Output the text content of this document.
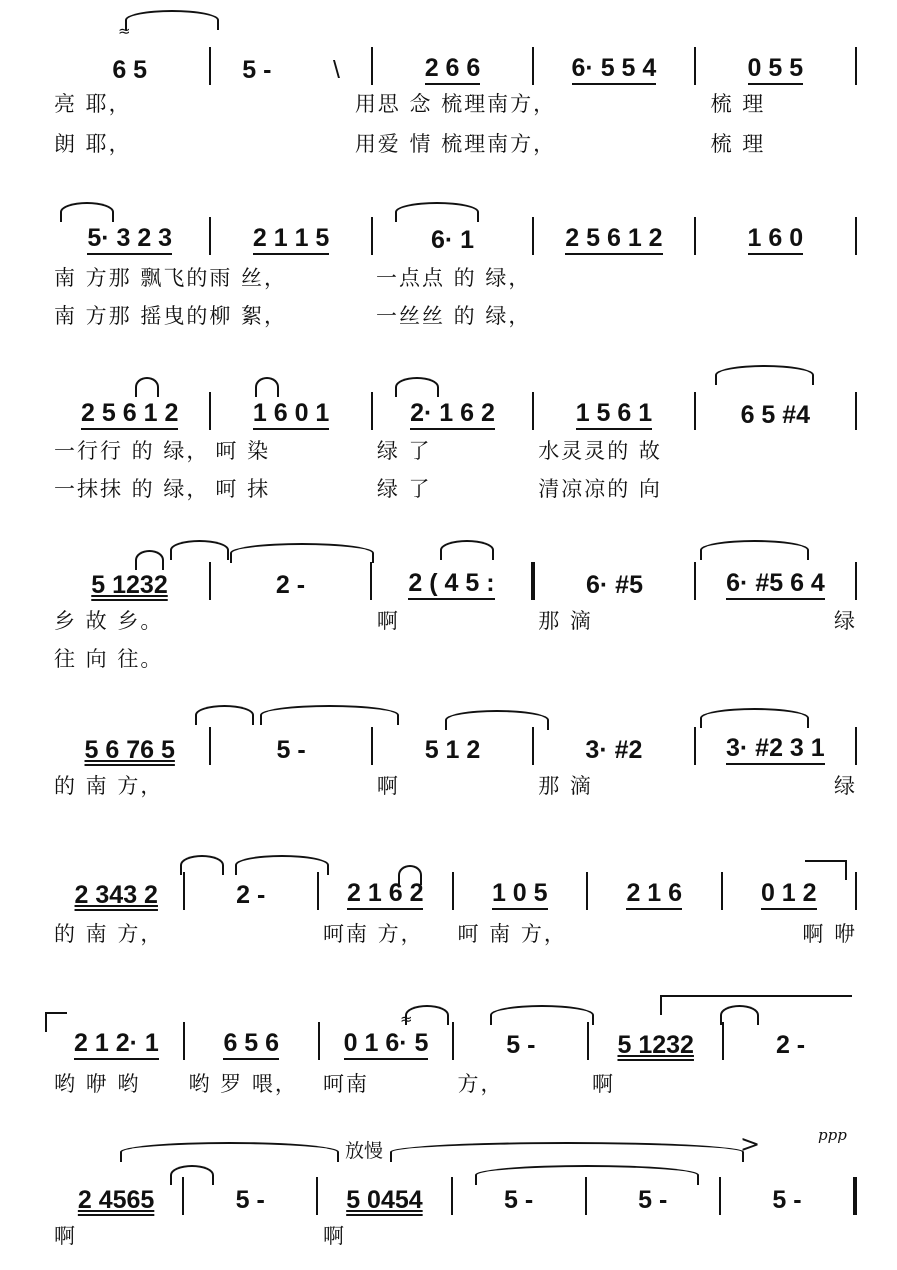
≈
6 5	5 - \	2 6 6	6· 5 5 4	0 5 5
亮 耶，	用思 念 梳理南方，	梳 理
朗 耶，	用爱 情 梳理南方，	梳 理
5· 3 2 3	2 1 1 5	6· 1	2 5 6 1 2	1 6 0
南 方那 飘飞的雨 丝，	一点点 的 绿，
南 方那 摇曳的柳 絮，	一丝丝 的 绿，
2 5 6 1 2	1 6 0 1	2· 1 6 2	1 5 6 1	6 5 #4
一行行 的 绿， 呵 染	绿 了	水灵灵的 故
一抹抹 的 绿， 呵 抹	绿 了	清凉凉的 向
5 1232	2 -	2 ( 4 5 :	6· #5	6· #5 6 4
乡 故 乡。	啊	那 滴	绿
往 向 往。
5 6 76 5	5 -	5 1 2	3· #2	3· #2 3 1
的 南 方，	啊	那 滴	绿
2 343 2	2 -	2 1 6 2	1 0 5	2 1 6	0 1 2
的 南 方，	呵南 方，	呵 南 方，	啊 咿
≈
2 1 2· 1	6 5 6	0 1 6· 5	5 -	5 1232	2 -
哟 咿 哟	哟 罗 喂，	呵南	方，	啊
放慢	>	ppp
2 4565	5 -	5 0454	5 -	5 -	5 -
啊	啊
